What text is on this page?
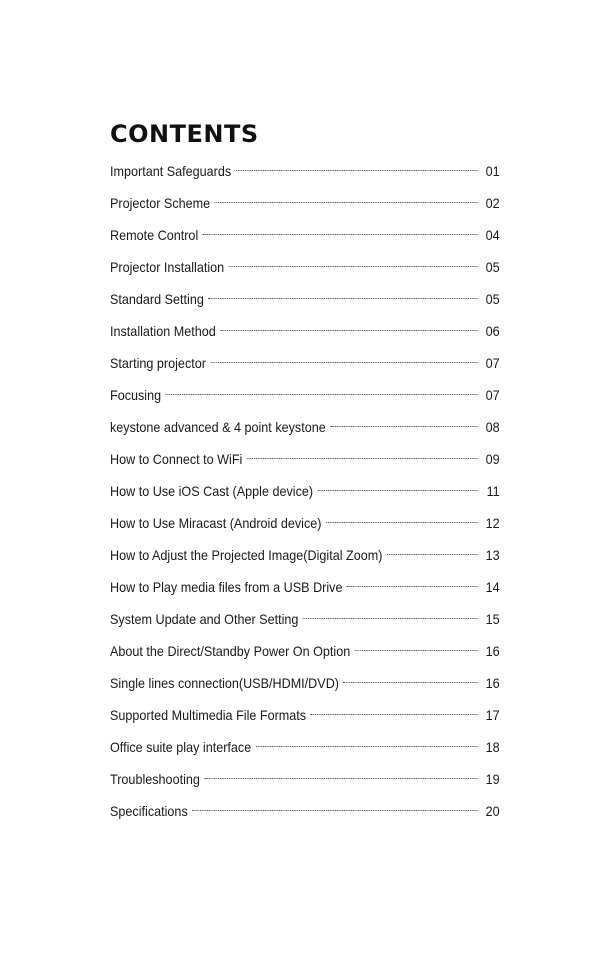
CONTENTS
Important Safeguards	01
Projector Scheme	02
Remote Control	04
Projector Installation	05
Standard Setting	05
Installation Method	06
Starting projector	07
Focusing	07
keystone advanced & 4 point keystone	08
How to Connect to WiFi	09
How to Use iOS Cast (Apple device)	11
How to Use Miracast (Android device)	12
How to Adjust the Projected Image(Digital Zoom)	13
How to Play media files from a USB Drive	14
System Update and Other Setting	15
About the Direct/Standby Power On Option	16
Single lines connection(USB/HDMI/DVD)	16
Supported Multimedia File Formats	17
Office suite play interface	18
Troubleshooting	19
Specifications	20
